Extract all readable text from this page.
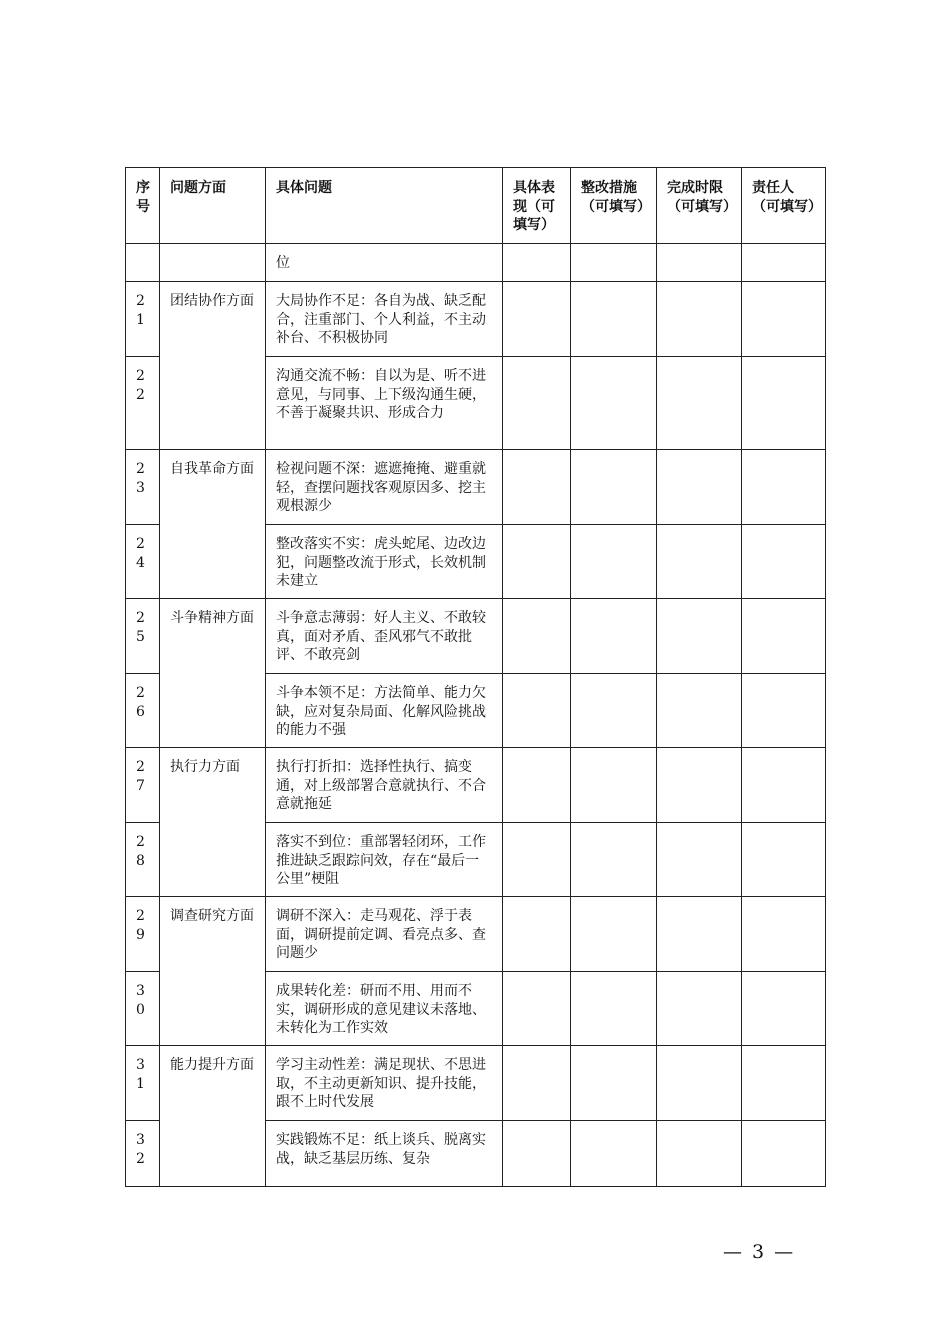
序号	问题方面	具体问题	具体表现（可填写）	整改措施（可填写）	完成时限（可填写）	责任人（可填写）
		位				
21	团结协作方面	大局协作不足：各自为战、缺乏配合，注重部门、个人利益，不主动补台、不积极协同				
22		沟通交流不畅：自以为是、听不进意见，与同事、上下级沟通生硬，不善于凝聚共识、形成合力				
23	自我革命方面	检视问题不深：遮遮掩掩、避重就轻，查摆问题找客观原因多、挖主观根源少				
24		整改落实不实：虎头蛇尾、边改边犯，问题整改流于形式，长效机制未建立				
25	斗争精神方面	斗争意志薄弱：好人主义、不敢较真，面对矛盾、歪风邪气不敢批评、不敢亮剑				
26		斗争本领不足：方法简单、能力欠缺，应对复杂局面、化解风险挑战的能力不强				
27	执行力方面	执行打折扣：选择性执行、搞变通，对上级部署合意就执行、不合意就拖延				
28		落实不到位：重部署轻闭环，工作推进缺乏跟踪问效，存在“最后一公里”梗阻				
29	调查研究方面	调研不深入：走马观花、浮于表面，调研提前定调、看亮点多、查问题少				
30		成果转化差：研而不用、用而不实，调研形成的意见建议未落地、未转化为工作实效				
31	能力提升方面	学习主动性差：满足现状、不思进取，不主动更新知识、提升技能，跟不上时代发展				
32		实践锻炼不足：纸上谈兵、脱离实战，缺乏基层历练、复杂				
— 3 —
